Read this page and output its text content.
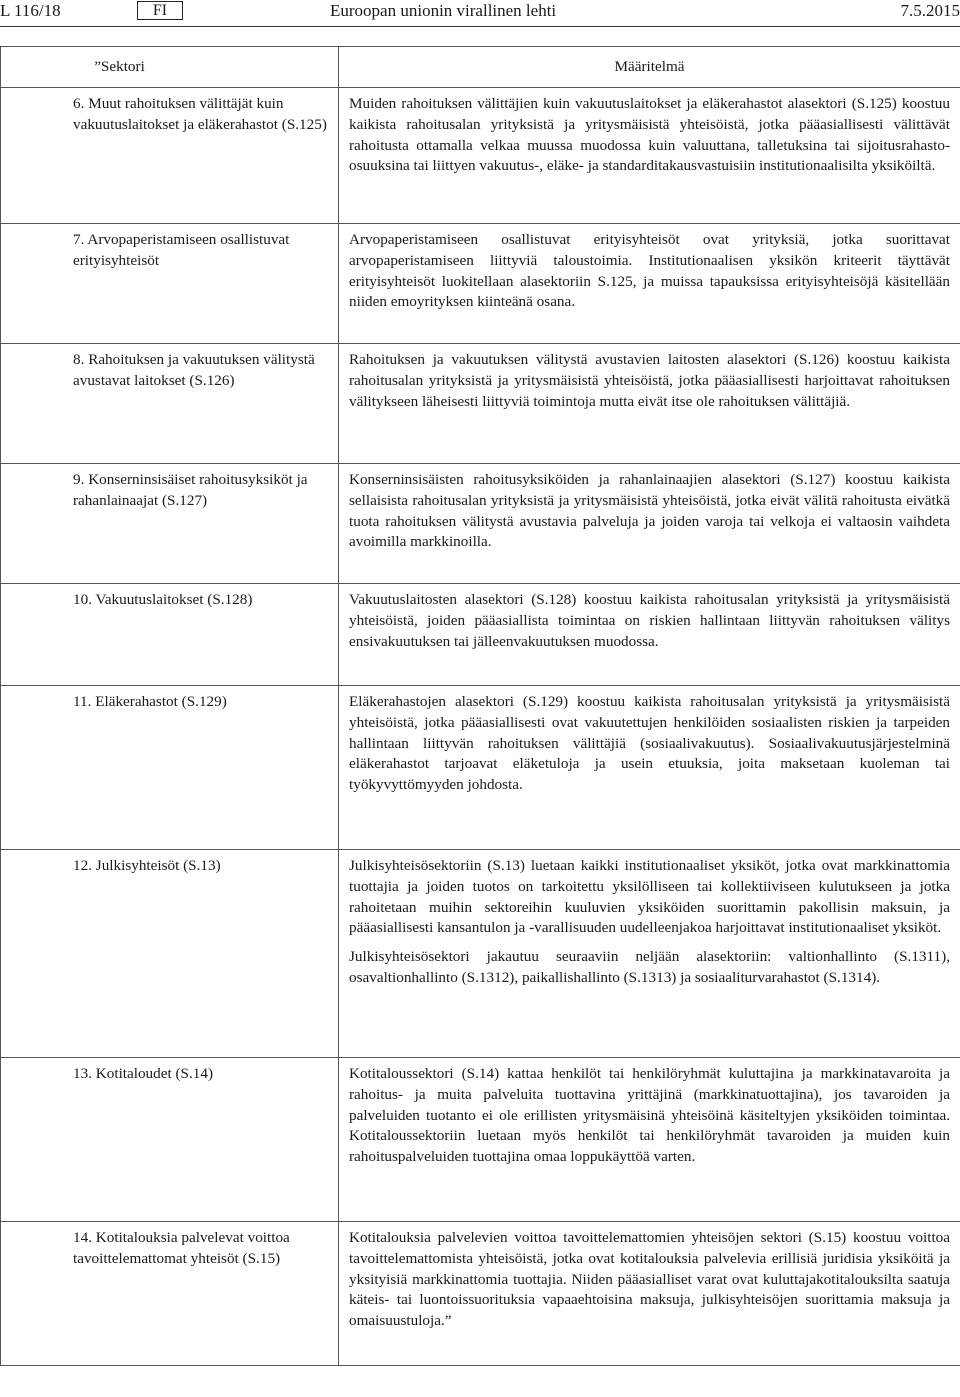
L 116/18	FI	Euroopan unionin virallinen lehti	7.5.2015
”Sektori	Määritelmä

6. Muut rahoituksen välittäjät kuin vakuutuslaitokset ja eläkerahastot (S.125)	Muiden rahoituksen välittäjien kuin vakuutuslaitokset ja eläkerahastot alasektori (S.125) koostuu kaikista rahoitusalan yrityksistä ja yritysmäisistä yhteisöistä, jotka pääasiallisesti välittävät rahoitusta ottamalla velkaa muussa muodossa kuin valuuttana, talletuksina tai sijoitusrahasto-osuuksina tai liittyen vakuutus-, eläke- ja standarditakausvastuisiin institutionaalisilta yksiköiltä.

7. Arvopaperistamiseen osallistuvat erityisyhteisöt	Arvopaperistamiseen osallistuvat erityisyhteisöt ovat yrityksiä, jotka suorittavat arvopaperistamiseen liittyviä taloustoimia. Institutionaalisen yksikön kriteerit täyttävät erityisyhteisöt luokitellaan alasektoriin S.125, ja muissa tapauksissa erityisyhteisöjä käsitellään niiden emoyrityksen kiinteänä osana.

8. Rahoituksen ja vakuutuksen välitystä avustavat laitokset (S.126)	Rahoituksen ja vakuutuksen välitystä avustavien laitosten alasektori (S.126) koostuu kaikista rahoitusalan yrityksistä ja yritysmäisistä yhteisöistä, jotka pääasiallisesti harjoittavat rahoituksen välitykseen läheisesti liittyviä toimintoja mutta eivät itse ole rahoituksen välittäjiä.

9. Konserninsisäiset rahoitusyksiköt ja rahanlainaajat (S.127)	Konserninsisäisten rahoitusyksiköiden ja rahanlainaajien alasektori (S.127) koostuu kaikista sellaisista rahoitusalan yrityksistä ja yritysmäisistä yhteisöistä, jotka eivät välitä rahoitusta eivätkä tuota rahoituksen välitystä avustavia palveluja ja joiden varoja tai velkoja ei valtaosin vaihdeta avoimilla markkinoilla.

10. Vakuutuslaitokset (S.128)	Vakuutuslaitosten alasektori (S.128) koostuu kaikista rahoitusalan yrityksistä ja yritysmäisistä yhteisöistä, joiden pääasiallista toimintaa on riskien hallintaan liittyvän rahoituksen välitys ensivakuutuksen tai jälleenvakuutuksen muodossa.

11. Eläkerahastot (S.129)	Eläkerahastojen alasektori (S.129) koostuu kaikista rahoitusalan yrityksistä ja yritysmäisistä yhteisöistä, jotka pääasiallisesti ovat vakuutettujen henkilöiden sosiaalisten riskien ja tarpeiden hallintaan liittyvän rahoituksen välittäjiä (sosiaalivakuutus). Sosiaalivakuutusjärjestelminä eläkerahastot tarjoavat eläketuloja ja usein etuuksia, joita maksetaan kuoleman tai työkyvyttömyyden johdosta.

12. Julkisyhteisöt (S.13)	Julkisyhteisösektoriin (S.13) luetaan kaikki institutionaaliset yksiköt, jotka ovat markkinattomia tuottajia ja joiden tuotos on tarkoitettu yksilölliseen tai kollektiiviseen kulutukseen ja jotka rahoitetaan muihin sektoreihin kuuluvien yksiköiden suorittamin pakollisin maksuin, ja pääasiallisesti kansantulon ja -varallisuuden uudelleenjakoa harjoittavat institutionaaliset yksiköt.

Julkisyhteisösektori jakautuu seuraaviin neljään alasektoriin: valtionhallinto (S.1311), osavaltionhallinto (S.1312), paikallishallinto (S.1313) ja sosiaaliturvarahastot (S.1314).

13. Kotitaloudet (S.14)	Kotitaloussektori (S.14) kattaa henkilöt tai henkilöryhmät kuluttajina ja markkinatavaroita ja rahoitus- ja muita palveluita tuottavina yrittäjinä (markkinatuottajina), jos tavaroiden ja palveluiden tuotanto ei ole erillisten yritysmäisinä yhteisöinä käsiteltyjen yksiköiden toimintaa. Kotitaloussektoriin luetaan myös henkilöt tai henkilöryhmät tavaroiden ja muiden kuin rahoituspalveluiden tuottajina omaa loppukäyttöä varten.

14. Kotitalouksia palvelevat voittoa tavoittelemattomat yhteisöt (S.15)	Kotitalouksia palvelevien voittoa tavoittelemattomien yhteisöjen sektori (S.15) koostuu voittoa tavoittelemattomista yhteisöistä, jotka ovat kotitalouksia palvelevia erillisiä juridisia yksiköitä ja yksityisiä markkinattomia tuottajia. Niiden pääasialliset varat ovat kuluttajakotitalouksilta saatuja käteis- tai luontoissuorituksia vapaaehtoisina maksuja, julkisyhteisöjen suorittamia maksuja ja omaisuustuloja.”
